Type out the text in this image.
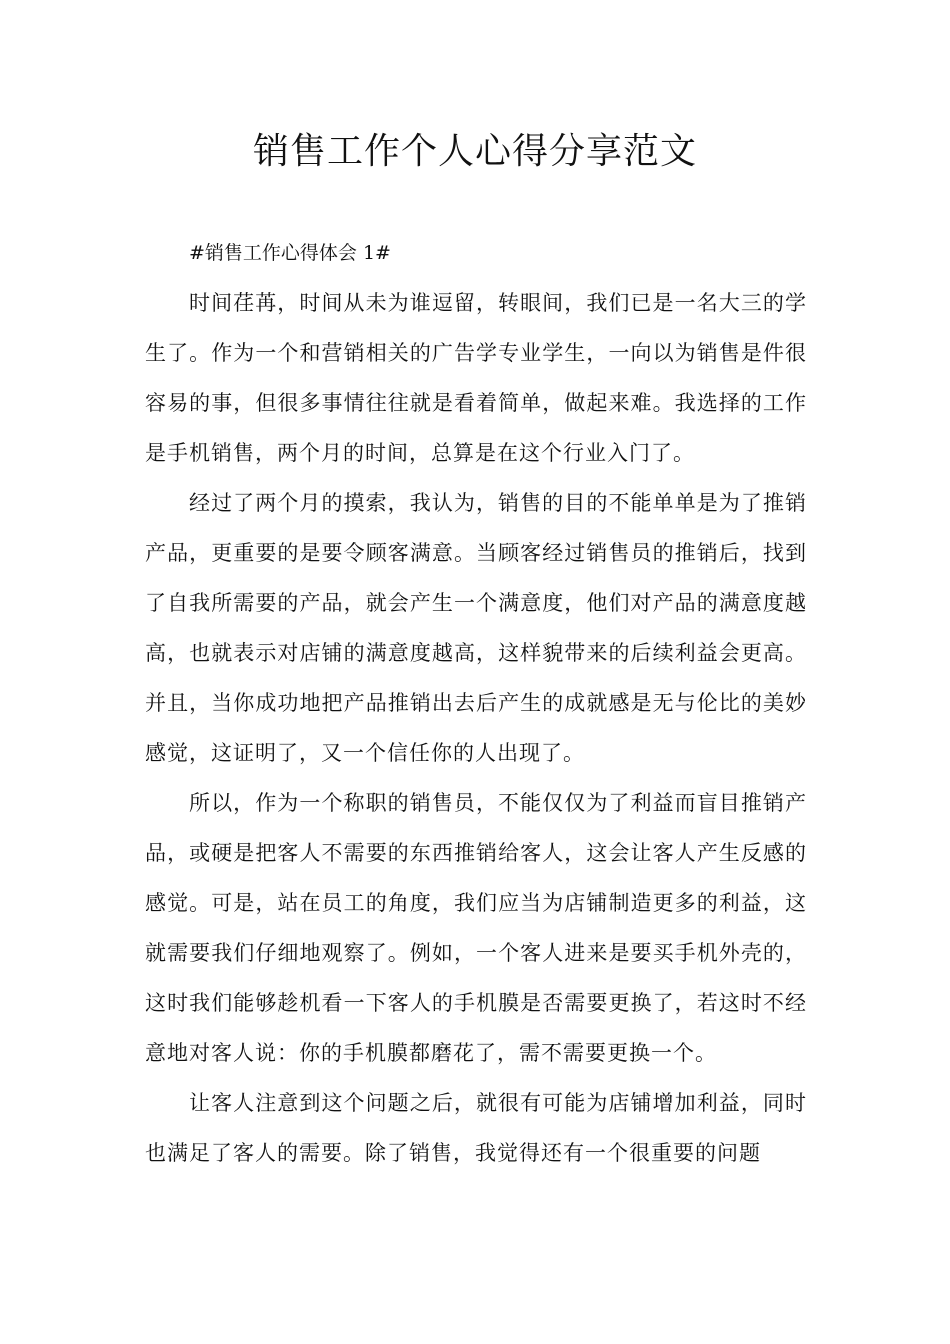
销售工作个人心得分享范文

#销售工作心得体会 1#

时间荏苒，时间从未为谁逗留，转眼间，我们已是一名大三的学生了。作为一个和营销相关的广告学专业学生，一向以为销售是件很容易的事，但很多事情往往就是看着简单，做起来难。我选择的工作是手机销售，两个月的时间，总算是在这个行业入门了。

经过了两个月的摸索，我认为，销售的目的不能单单是为了推销产品，更重要的是要令顾客满意。当顾客经过销售员的推销后，找到了自我所需要的产品，就会产生一个满意度，他们对产品的满意度越高，也就表示对店铺的满意度越高，这样貌带来的后续利益会更高。并且，当你成功地把产品推销出去后产生的成就感是无与伦比的美妙感觉，这证明了，又一个信任你的人出现了。

所以，作为一个称职的销售员，不能仅仅为了利益而盲目推销产品，或硬是把客人不需要的东西推销给客人，这会让客人产生反感的感觉。可是，站在员工的角度，我们应当为店铺制造更多的利益，这就需要我们仔细地观察了。例如，一个客人进来是要买手机外壳的，这时我们能够趁机看一下客人的手机膜是否需要更换了，若这时不经意地对客人说：你的手机膜都磨花了，需不需要更换一个。

让客人注意到这个问题之后，就很有可能为店铺增加利益，同时也满足了客人的需要。除了销售，我觉得还有一个很重要的问题
